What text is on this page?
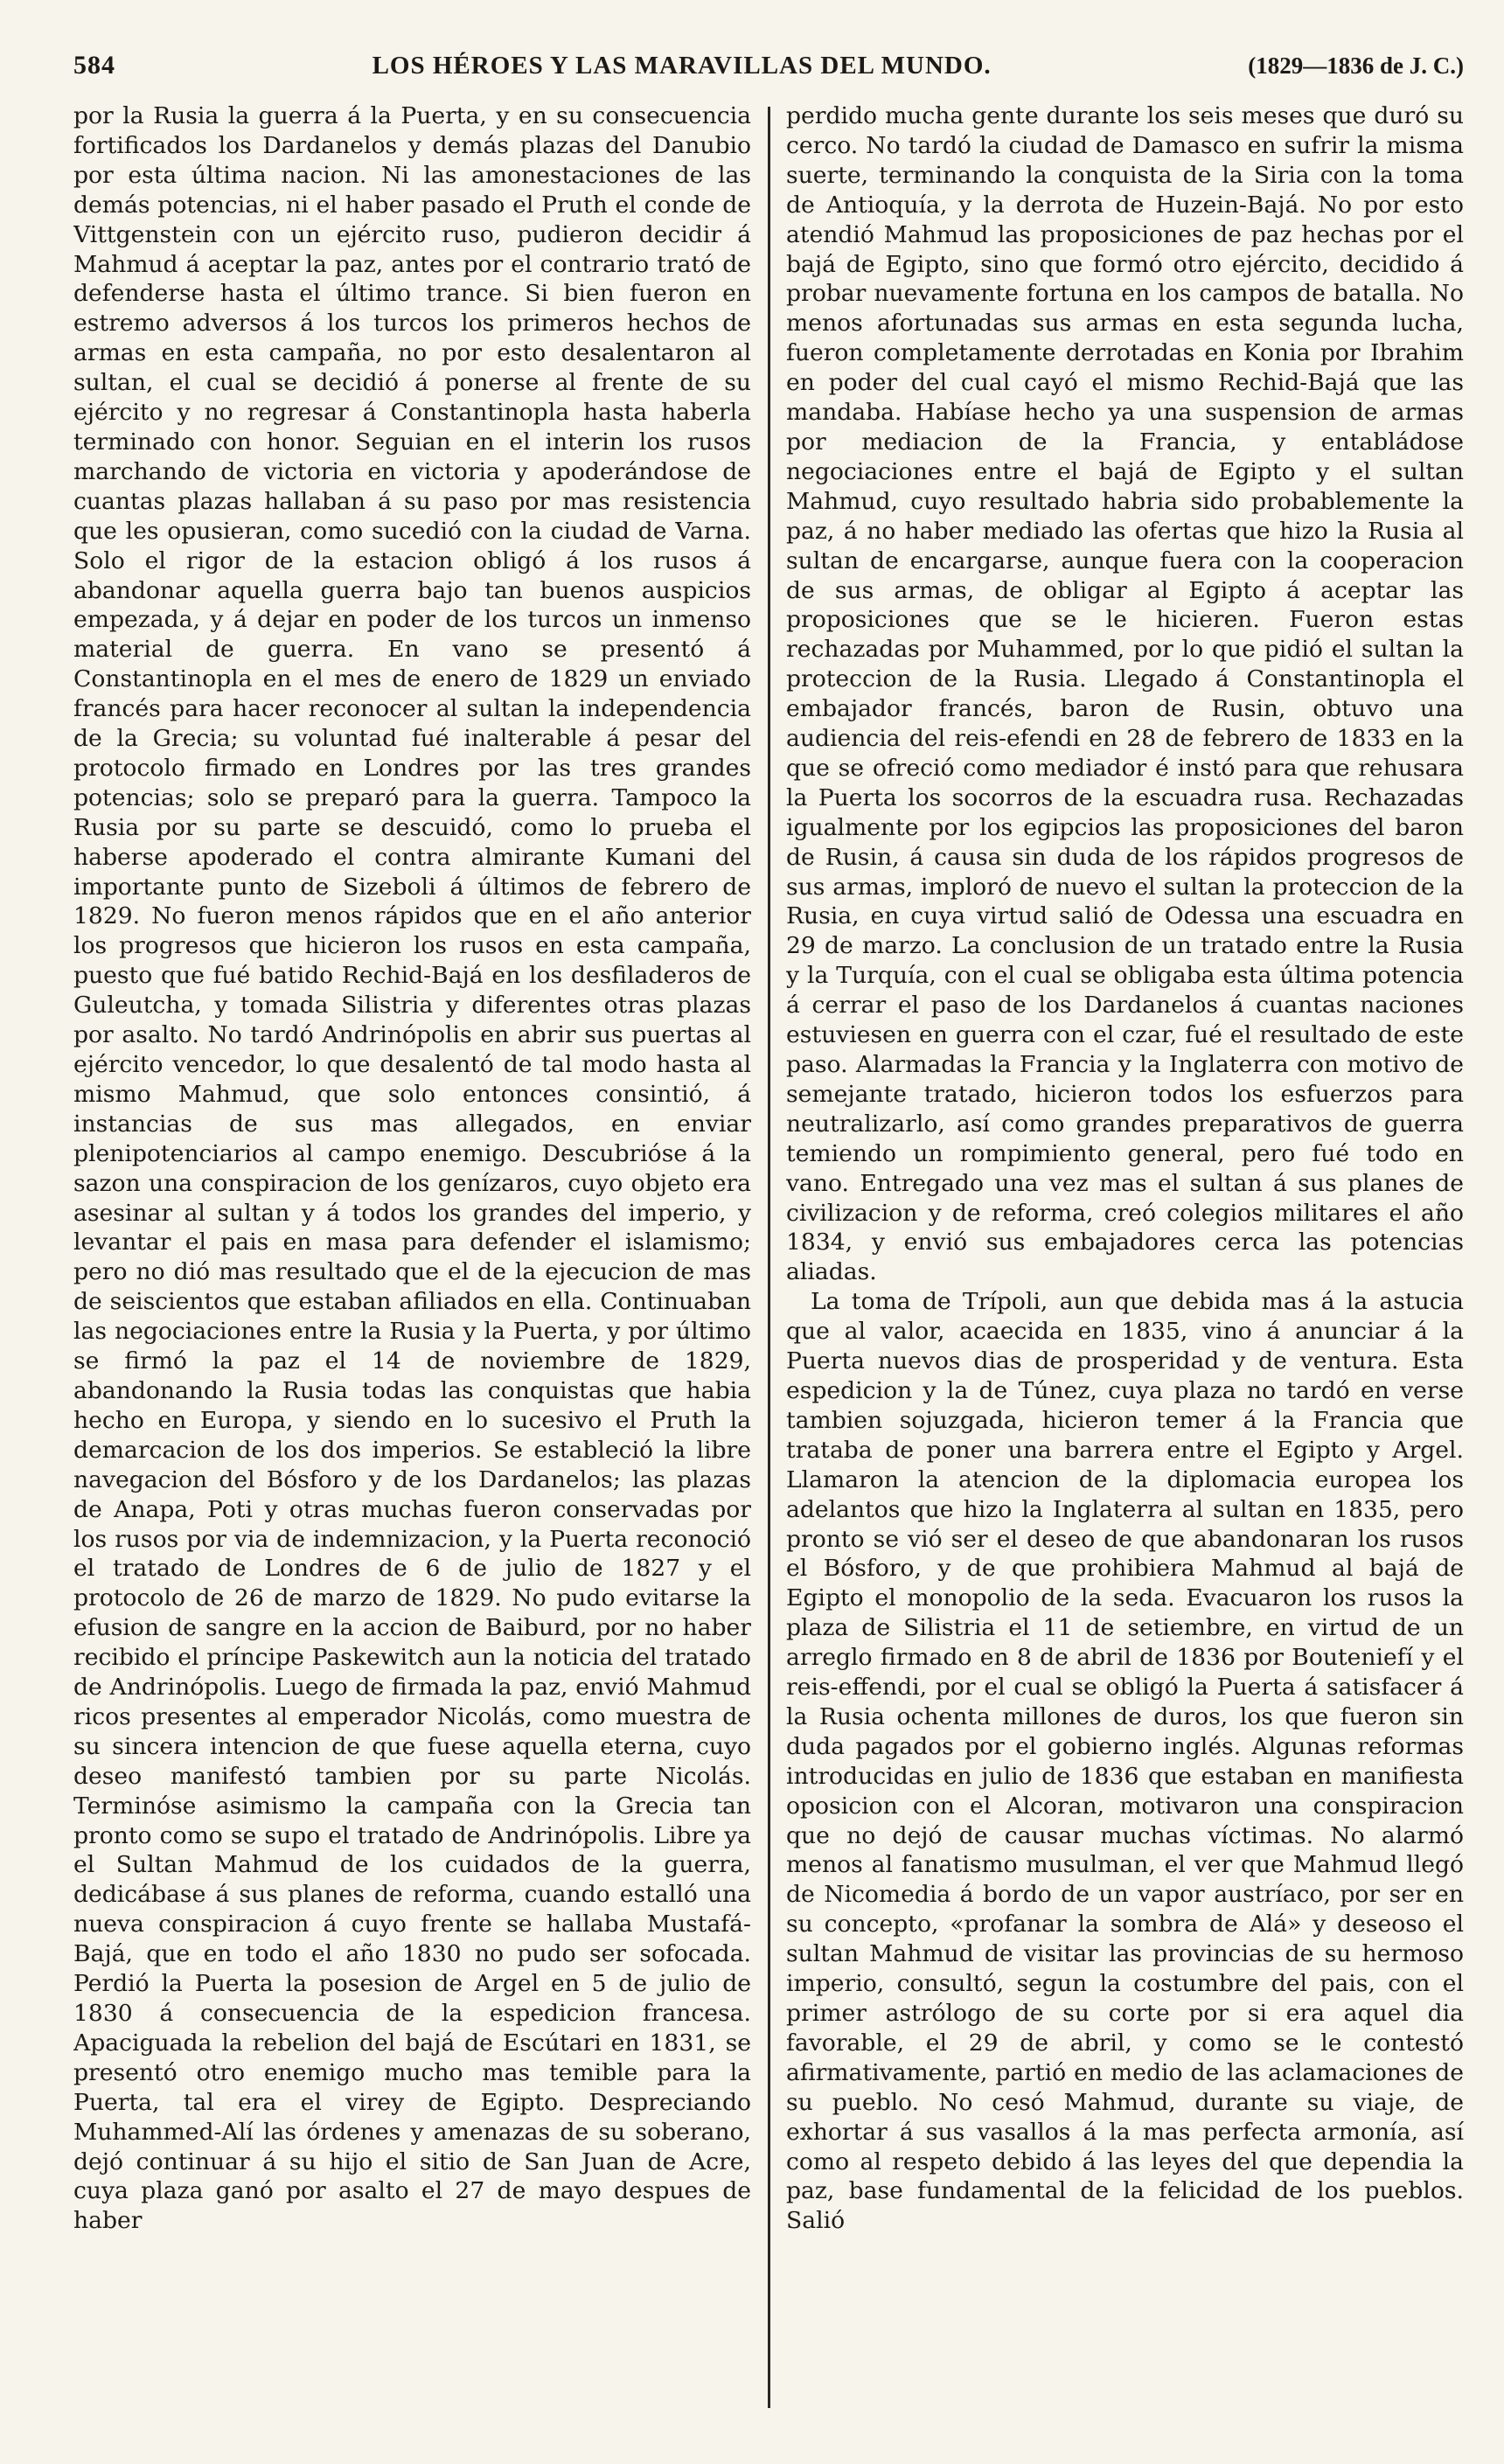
584	LOS HÉROES Y LAS MARAVILLAS DEL MUNDO.	(1829—1836 de J. C.)

por la Rusia la guerra á la Puerta, y en su consecuencia fortificados los Dardanelos y demás plazas del Danubio por esta última nacion. Ni las amonestaciones de las demás potencias, ni el haber pasado el Pruth el conde de Vittgenstein con un ejército ruso, pudieron decidir á Mahmud á aceptar la paz, antes por el contrario trató de defenderse hasta el último trance. Si bien fueron en estremo adversos á los turcos los primeros hechos de armas en esta campaña, no por esto desalentaron al sultan, el cual se decidió á ponerse al frente de su ejército y no regresar á Constantinopla hasta haberla terminado con honor. Seguian en el interin los rusos marchando de victoria en victoria y apoderándose de cuantas plazas hallaban á su paso por mas resistencia que les opusieran, como sucedió con la ciudad de Varna. Solo el rigor de la estacion obligó á los rusos á abandonar aquella guerra bajo tan buenos auspicios empezada, y á dejar en poder de los turcos un inmenso material de guerra. En vano se presentó á Constantinopla en el mes de enero de 1829 un enviado francés para hacer reconocer al sultan la independencia de la Grecia; su voluntad fué inalterable á pesar del protocolo firmado en Londres por las tres grandes potencias; solo se preparó para la guerra. Tampoco la Rusia por su parte se descuidó, como lo prueba el haberse apoderado el contra almirante Kumani del importante punto de Sizeboli á últimos de febrero de 1829. No fueron menos rápidos que en el año anterior los progresos que hicieron los rusos en esta campaña, puesto que fué batido Rechid-Bajá en los desfiladeros de Guleutcha, y tomada Silistria y diferentes otras plazas por asalto. No tardó Andrinópolis en abrir sus puertas al ejército vencedor, lo que desalentó de tal modo hasta al mismo Mahmud, que solo entonces consintió, á instancias de sus mas allegados, en enviar plenipotenciarios al campo enemigo. Descubrióse á la sazon una conspiracion de los genízaros, cuyo objeto era asesinar al sultan y á todos los grandes del imperio, y levantar el pais en masa para defender el islamismo; pero no dió mas resultado que el de la ejecucion de mas de seiscientos que estaban afiliados en ella. Continuaban las negociaciones entre la Rusia y la Puerta, y por último se firmó la paz el 14 de noviembre de 1829, abandonando la Rusia todas las conquistas que habia hecho en Europa, y siendo en lo sucesivo el Pruth la demarcacion de los dos imperios. Se estableció la libre navegacion del Bósforo y de los Dardanelos; las plazas de Anapa, Poti y otras muchas fueron conservadas por los rusos por via de indemnizacion, y la Puerta reconoció el tratado de Londres de 6 de julio de 1827 y el protocolo de 26 de marzo de 1829. No pudo evitarse la efusion de sangre en la accion de Baiburd, por no haber recibido el príncipe Paskewitch aun la noticia del tratado de Andrinópolis. Luego de firmada la paz, envió Mahmud ricos presentes al emperador Nicolás, como muestra de su sincera intencion de que fuese aquella eterna, cuyo deseo manifestó tambien por su parte Nicolás. Terminóse asimismo la campaña con la Grecia tan pronto como se supo el tratado de Andrinópolis. Libre ya el Sultan Mahmud de los cuidados de la guerra, dedicábase á sus planes de reforma, cuando estalló una nueva conspiracion á cuyo frente se hallaba Mustafá-Bajá, que en todo el año 1830 no pudo ser sofocada. Perdió la Puerta la posesion de Argel en 5 de julio de 1830 á consecuencia de la espedicion francesa. Apaciguada la rebelion del bajá de Escútari en 1831, se presentó otro enemigo mucho mas temible para la Puerta, tal era el virey de Egipto. Despreciando Muhammed-Alí las órdenes y amenazas de su soberano, dejó continuar á su hijo el sitio de San Juan de Acre, cuya plaza ganó por asalto el 27 de mayo despues de haber

perdido mucha gente durante los seis meses que duró su cerco. No tardó la ciudad de Damasco en sufrir la misma suerte, terminando la conquista de la Siria con la toma de Antioquía, y la derrota de Huzein-Bajá. No por esto atendió Mahmud las proposiciones de paz hechas por el bajá de Egipto, sino que formó otro ejército, decidido á probar nuevamente fortuna en los campos de batalla. No menos afortunadas sus armas en esta segunda lucha, fueron completamente derrotadas en Konia por Ibrahim en poder del cual cayó el mismo Rechid-Bajá que las mandaba. Habíase hecho ya una suspension de armas por mediacion de la Francia, y entabládose negociaciones entre el bajá de Egipto y el sultan Mahmud, cuyo resultado habria sido probablemente la paz, á no haber mediado las ofertas que hizo la Rusia al sultan de encargarse, aunque fuera con la cooperacion de sus armas, de obligar al Egipto á aceptar las proposiciones que se le hicieren. Fueron estas rechazadas por Muhammed, por lo que pidió el sultan la proteccion de la Rusia. Llegado á Constantinopla el embajador francés, baron de Rusin, obtuvo una audiencia del reis-efendi en 28 de febrero de 1833 en la que se ofreció como mediador é instó para que rehusara la Puerta los socorros de la escuadra rusa. Rechazadas igualmente por los egipcios las proposiciones del baron de Rusin, á causa sin duda de los rápidos progresos de sus armas, imploró de nuevo el sultan la proteccion de la Rusia, en cuya virtud salió de Odessa una escuadra en 29 de marzo. La conclusion de un tratado entre la Rusia y la Turquía, con el cual se obligaba esta última potencia á cerrar el paso de los Dardanelos á cuantas naciones estuviesen en guerra con el czar, fué el resultado de este paso. Alarmadas la Francia y la Inglaterra con motivo de semejante tratado, hicieron todos los esfuerzos para neutralizarlo, así como grandes preparativos de guerra temiendo un rompimiento general, pero fué todo en vano. Entregado una vez mas el sultan á sus planes de civilizacion y de reforma, creó colegios militares el año 1834, y envió sus embajadores cerca las potencias aliadas.

La toma de Trípoli, aun que debida mas á la astucia que al valor, acaecida en 1835, vino á anunciar á la Puerta nuevos dias de prosperidad y de ventura. Esta espedicion y la de Túnez, cuya plaza no tardó en verse tambien sojuzgada, hicieron temer á la Francia que trataba de poner una barrera entre el Egipto y Argel. Llamaron la atencion de la diplomacia europea los adelantos que hizo la Inglaterra al sultan en 1835, pero pronto se vió ser el deseo de que abandonaran los rusos el Bósforo, y de que prohibiera Mahmud al bajá de Egipto el monopolio de la seda. Evacuaron los rusos la plaza de Silistria el 11 de setiembre, en virtud de un arreglo firmado en 8 de abril de 1836 por Bouteniefí y el reis-effendi, por el cual se obligó la Puerta á satisfacer á la Rusia ochenta millones de duros, los que fueron sin duda pagados por el gobierno inglés. Algunas reformas introducidas en julio de 1836 que estaban en manifiesta oposicion con el Alcoran, motivaron una conspiracion que no dejó de causar muchas víctimas. No alarmó menos al fanatismo musulman, el ver que Mahmud llegó de Nicomedia á bordo de un vapor austríaco, por ser en su concepto, «profanar la sombra de Alá» y deseoso el sultan Mahmud de visitar las provincias de su hermoso imperio, consultó, segun la costumbre del pais, con el primer astrólogo de su corte por si era aquel dia favorable, el 29 de abril, y como se le contestó afirmativamente, partió en medio de las aclamaciones de su pueblo. No cesó Mahmud, durante su viaje, de exhortar á sus vasallos á la mas perfecta armonía, así como al respeto debido á las leyes del que dependia la paz, base fundamental de la felicidad de los pueblos. Salió
